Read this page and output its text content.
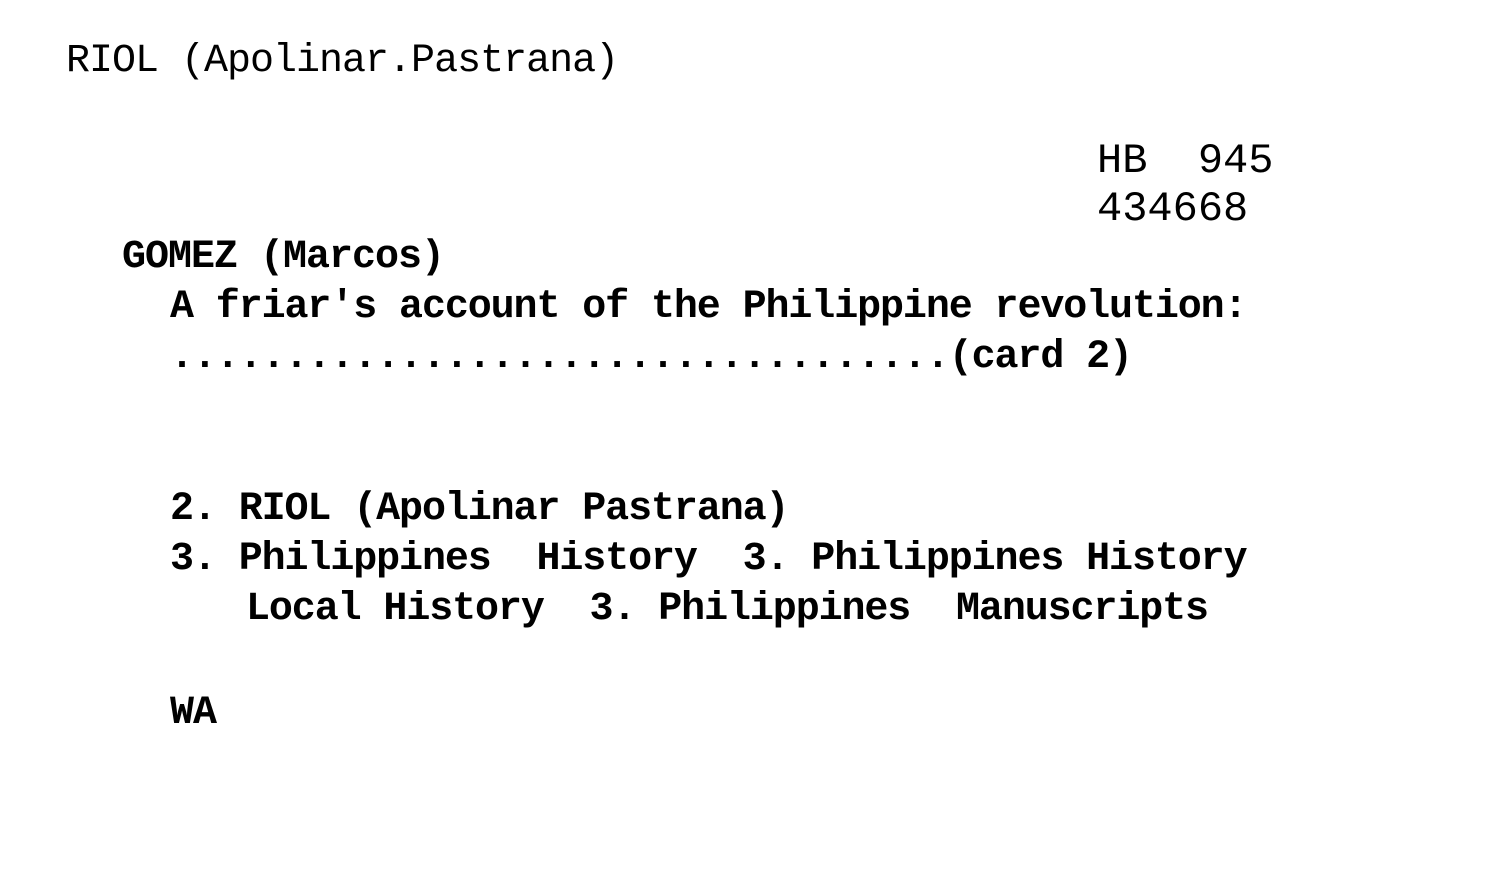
RIOL (Apolinar.Pastrana)
HB  945
434668
GOMEZ (Marcos)
A friar's account of the Philippine revolution:
..................................(card 2)
2. RIOL (Apolinar Pastrana)
3. Philippines  History  3. Philippines History
Local History  3. Philippines  Manuscripts
WA
